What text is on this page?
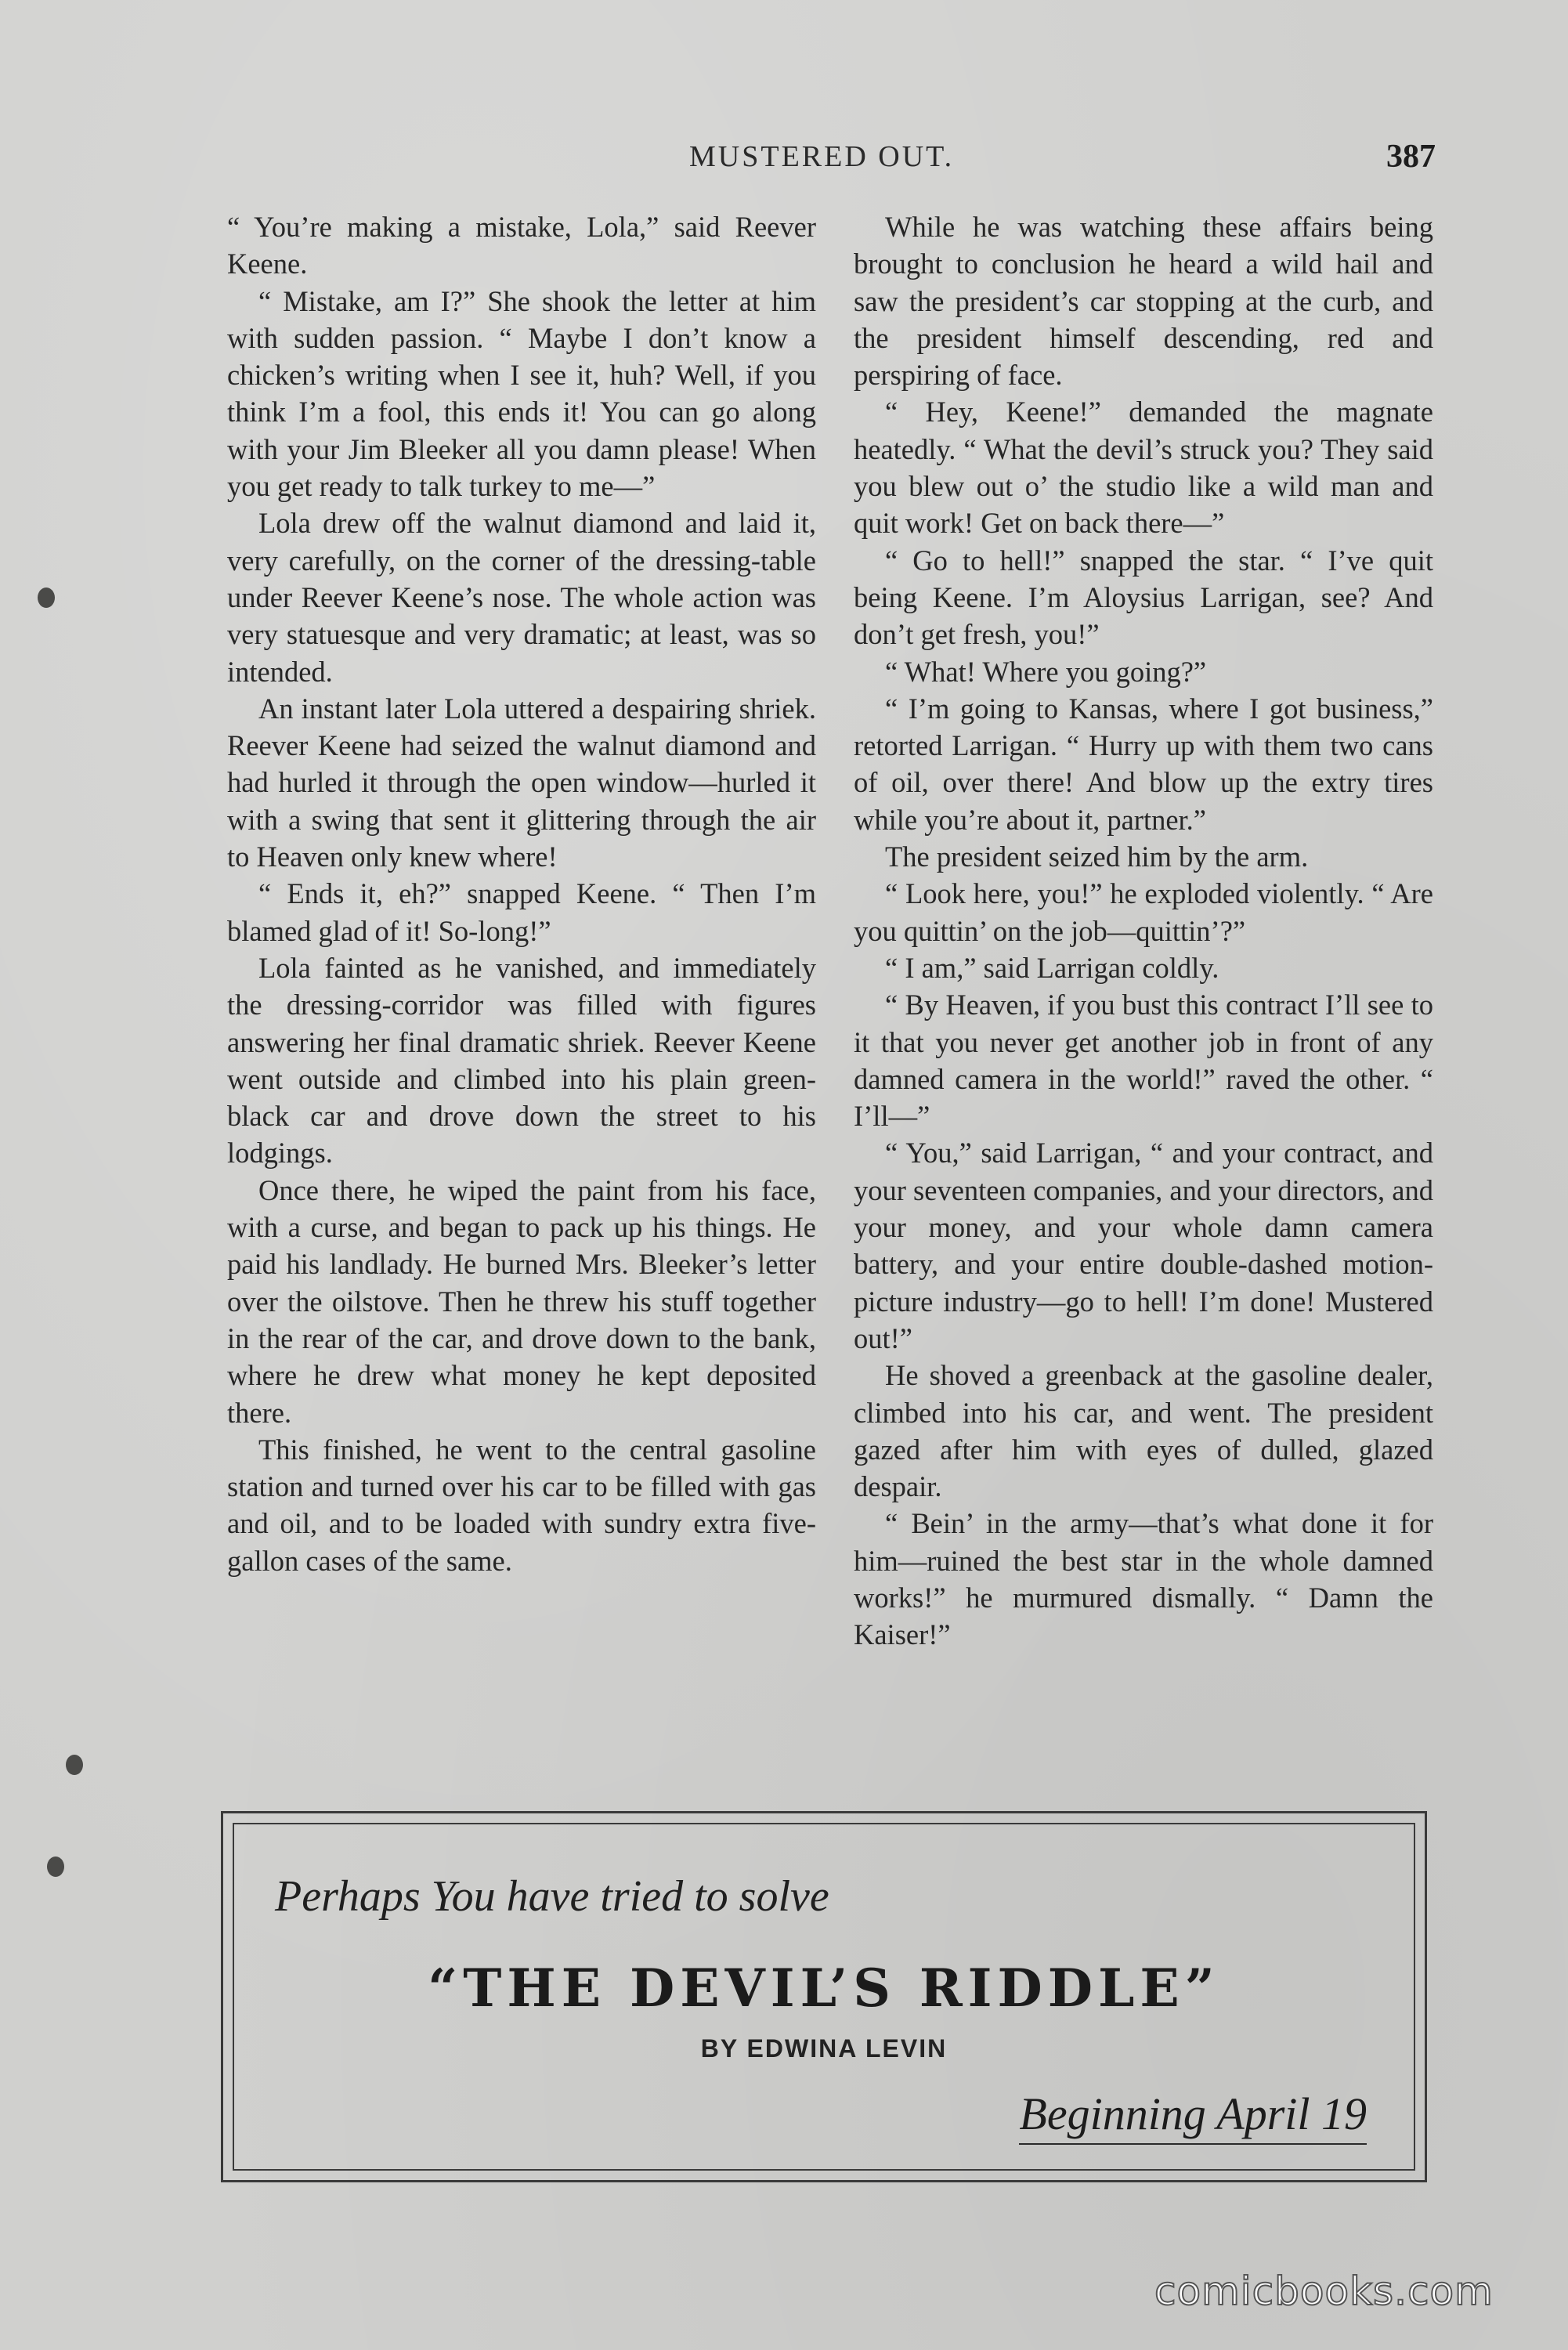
MUSTERED OUT.	387

“ You’re making a mistake, Lola,” said Reever Keene.

“ Mistake, am I?” She shook the letter at him with sudden passion. “ Maybe I don’t know a chicken’s writing when I see it, huh? Well, if you think I’m a fool, this ends it! You can go along with your Jim Bleeker all you damn please! When you get ready to talk turkey to me—”

Lola drew off the walnut diamond and laid it, very carefully, on the corner of the dressing-table under Reever Keene’s nose. The whole action was very statuesque and very dramatic; at least, was so intended.

An instant later Lola uttered a despairing shriek. Reever Keene had seized the walnut diamond and had hurled it through the open window—hurled it with a swing that sent it glittering through the air to Heaven only knew where!

“ Ends it, eh?” snapped Keene. “ Then I’m blamed glad of it! So-long!”

Lola fainted as he vanished, and immediately the dressing-corridor was filled with figures answering her final dramatic shriek. Reever Keene went outside and climbed into his plain green-black car and drove down the street to his lodgings.

Once there, he wiped the paint from his face, with a curse, and began to pack up his things. He paid his landlady. He burned Mrs. Bleeker’s letter over the oilstove. Then he threw his stuff together in the rear of the car, and drove down to the bank, where he drew what money he kept deposited there.

This finished, he went to the central gasoline station and turned over his car to be filled with gas and oil, and to be loaded with sundry extra five-gallon cases of the same.

While he was watching these affairs being brought to conclusion he heard a wild hail and saw the president’s car stopping at the curb, and the president himself descending, red and perspiring of face.

“ Hey, Keene!” demanded the magnate heatedly. “ What the devil’s struck you? They said you blew out o’ the studio like a wild man and quit work! Get on back there—”

“ Go to hell!” snapped the star. “ I’ve quit being Keene. I’m Aloysius Larrigan, see? And don’t get fresh, you!”

“ What! Where you going?”

“ I’m going to Kansas, where I got business,” retorted Larrigan. “ Hurry up with them two cans of oil, over there! And blow up the extry tires while you’re about it, partner.”

The president seized him by the arm.

“ Look here, you!” he exploded violently. “ Are you quittin’ on the job—quittin’?”

“ I am,” said Larrigan coldly.

“ By Heaven, if you bust this contract I’ll see to it that you never get another job in front of any damned camera in the world!” raved the other. “ I’ll—”

“ You,” said Larrigan, “ and your contract, and your seventeen companies, and your directors, and your money, and your whole damn camera battery, and your entire double-dashed motion-picture industry—go to hell! I’m done! Mustered out!”

He shoved a greenback at the gasoline dealer, climbed into his car, and went. The president gazed after him with eyes of dulled, glazed despair.

“ Bein’ in the army—that’s what done it for him—ruined the best star in the whole damned works!” he murmured dismally. “ Damn the Kaiser!”

Perhaps You have tried to solve
“THE DEVIL’S RIDDLE”
BY EDWINA LEVIN
Beginning April 19
comicbooks.com
